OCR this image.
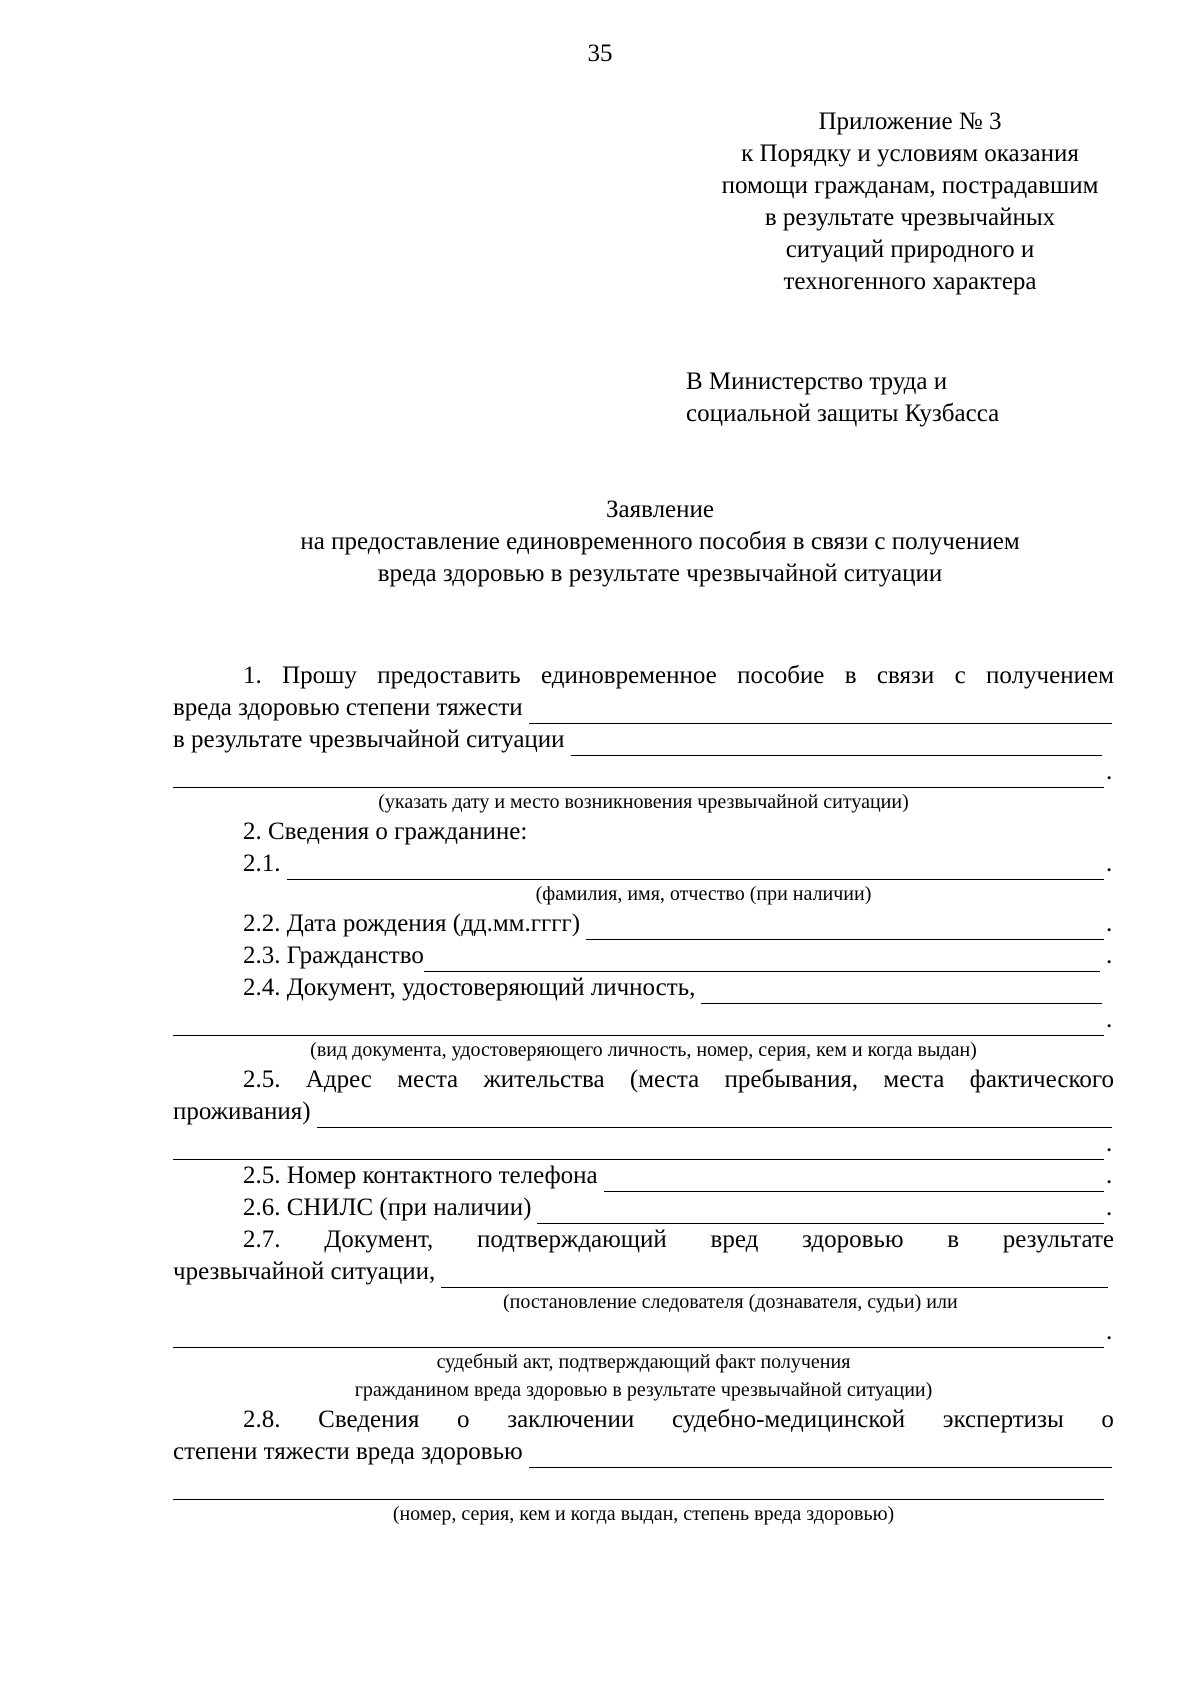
35
Приложение № 3
к Порядку и условиям оказания
помощи гражданам, пострадавшим
в результате чрезвычайных
ситуаций природного и
техногенного характера
В Министерство труда и
социальной защиты Кузбасса
Заявление
на предоставление единовременного пособия в связи с получением
вреда здоровью в результате чрезвычайной ситуации
1. Прошу предоставить единовременное пособие в связи с получением
вреда здоровью степени тяжести
в результате чрезвычайной ситуации
.
(указать дату и место возникновения чрезвычайной ситуации)
2. Сведения о гражданине:
2.1.	.
(фамилия, имя, отчество (при наличии)
2.2. Дата рождения (дд.мм.гггг)	.
2.3. Гражданство	.
2.4. Документ, удостоверяющий личность,
.
(вид документа, удостоверяющего личность, номер, серия, кем и когда выдан)
2.5. Адрес места жительства (места пребывания, места фактического
проживания)
.
2.5. Номер контактного телефона	.
2.6. СНИЛС (при наличии)	.
2.7. Документ, подтверждающий вред здоровью в результате
чрезвычайной ситуации,
(постановление следователя (дознавателя, судьи) или
.
судебный акт, подтверждающий факт получения
гражданином вреда здоровью в результате чрезвычайной ситуации)
2.8. Сведения о заключении судебно-медицинской экспертизы о
степени тяжести вреда здоровью
(номер, серия, кем и когда выдан, степень вреда здоровью)
